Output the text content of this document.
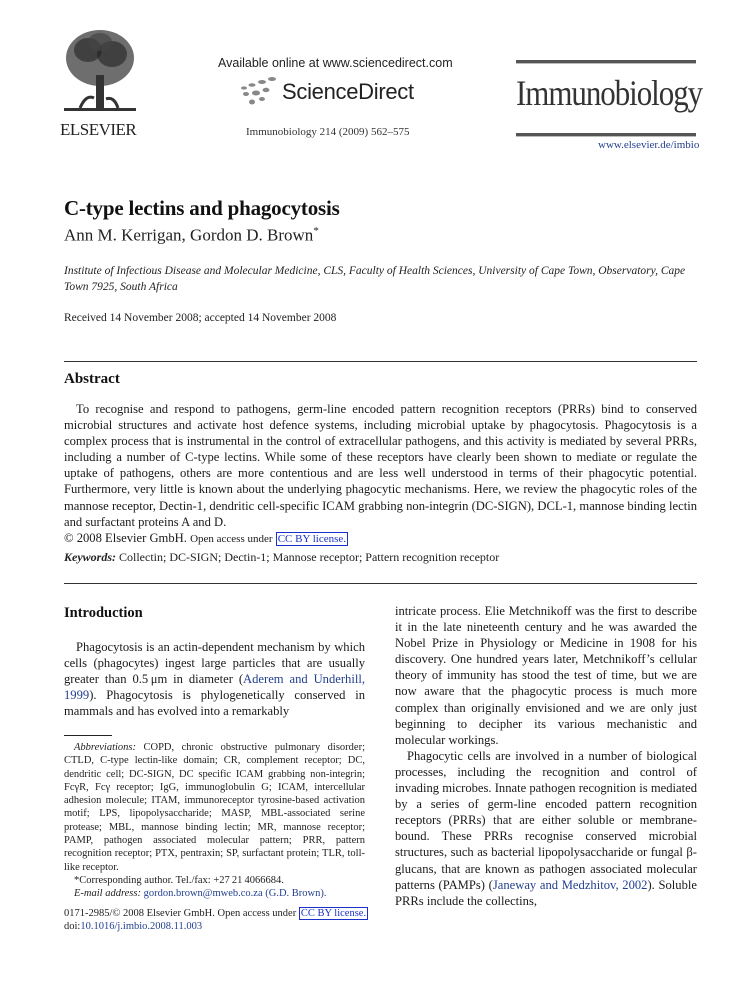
ELSEVIER
Available online at www.sciencedirect.com
ScienceDirect
Immunobiology 214 (2009) 562–575
Immunobiology
www.elsevier.de/imbio
C-type lectins and phagocytosis
Ann M. Kerrigan, Gordon D. Brown*
Institute of Infectious Disease and Molecular Medicine, CLS, Faculty of Health Sciences, University of Cape Town, Observatory, Cape Town 7925, South Africa
Received 14 November 2008; accepted 14 November 2008
Abstract

To recognise and respond to pathogens, germ-line encoded pattern recognition receptors (PRRs) bind to conserved microbial structures and activate host defence systems, including microbial uptake by phagocytosis. Phagocytosis is a complex process that is instrumental in the control of extracellular pathogens, and this activity is mediated by several PRRs, including a number of C-type lectins. While some of these receptors have clearly been shown to mediate or regulate the uptake of pathogens, others are more contentious and are less well understood in terms of their phagocytic potential. Furthermore, very little is known about the underlying phagocytic mechanisms. Here, we review the phagocytic roles of the mannose receptor, Dectin-1, dendritic cell-specific ICAM grabbing non-integrin (DC-SIGN), DCL-1, mannose binding lectin and surfactant proteins A and D.

© 2008 Elsevier GmbH. Open access under CC BY license.
Keywords: Collectin; DC-SIGN; Dectin-1; Mannose receptor; Pattern recognition receptor
Introduction

Phagocytosis is an actin-dependent mechanism by which cells (phagocytes) ingest large particles that are usually greater than 0.5 μm in diameter (Aderem and Underhill, 1999). Phagocytosis is phylogenetically conserved in mammals and has evolved into a remarkably

Abbreviations: COPD, chronic obstructive pulmonary disorder; CTLD, C-type lectin-like domain; CR, complement receptor; DC, dendritic cell; DC-SIGN, DC specific ICAM grabbing non-integrin; FcγR, Fcγ receptor; IgG, immunoglobulin G; ICAM, intercellular adhesion molecule; ITAM, immunoreceptor tyrosine-based activation motif; LPS, lipopolysaccharide; MASP, MBL-associated serine protease; MBL, mannose binding lectin; MR, mannose receptor; PAMP, pathogen associated molecular pattern; PRR, pattern recognition receptor; PTX, pentraxin; SP, surfactant protein; TLR, toll-like receptor.

*Corresponding author. Tel./fax: +27 21 4066684.

E-mail address: gordon.brown@mweb.co.za (G.D. Brown).

0171-2985/© 2008 Elsevier GmbH. Open access under CC BY license.
doi:10.1016/j.imbio.2008.11.003

intricate process. Elie Metchnikoff was the first to describe it in the late nineteenth century and he was awarded the Nobel Prize in Physiology or Medicine in 1908 for his discovery. One hundred years later, Metchnikoff’s cellular theory of immunity has stood the test of time, but we are now aware that the phagocytic process is much more complex than originally envisioned and we are only just beginning to decipher its various mechanistic and molecular workings.

Phagocytic cells are involved in a number of biological processes, including the recognition and control of invading microbes. Innate pathogen recognition is mediated by a series of germ-line encoded pattern recognition receptors (PRRs) that are either soluble or membrane-bound. These PRRs recognise conserved microbial structures, such as bacterial lipopolysaccharide or fungal β-glucans, that are known as pathogen associated molecular patterns (PAMPs) (Janeway and Medzhitov, 2002). Soluble PRRs include the collectins,
